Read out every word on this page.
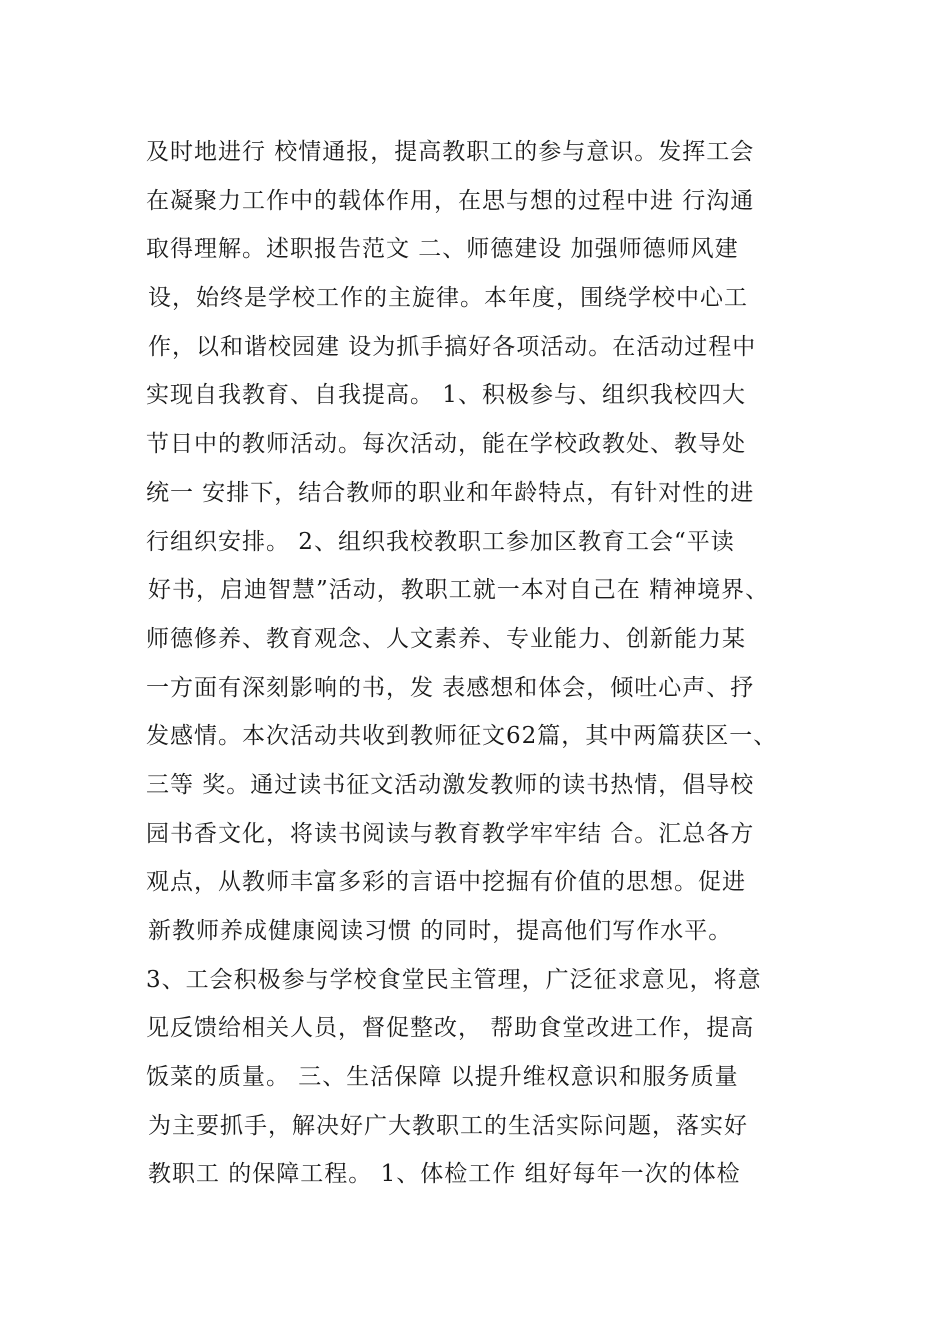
及时地进行 校情通报，提高教职工的参与意识。发挥工会
在凝聚力工作中的载体作用，在思与想的过程中进 行沟通
取得理解。述职报告范文 二、师德建设 加强师德师风建
设，始终是学校工作的主旋律。本年度，围绕学校中心工
作，以和谐校园建 设为抓手搞好各项活动。在活动过程中
实现自我教育、自我提高。 1、积极参与、组织我校四大
节日中的教师活动。每次活动，能在学校政教处、教导处
统一 安排下，结合教师的职业和年龄特点，有针对性的进
行组织安排。 2、组织我校教职工参加区教育工会“平读
好书，启迪智慧”活动，教职工就一本对自己在 精神境界、
师德修养、教育观念、人文素养、专业能力、创新能力某
一方面有深刻影响的书，发 表感想和体会，倾吐心声、抒
发感情。本次活动共收到教师征文62篇，其中两篇获区一、
三等 奖。通过读书征文活动激发教师的读书热情，倡导校
园书香文化，将读书阅读与教育教学牢牢结 合。汇总各方
观点，从教师丰富多彩的言语中挖掘有价值的思想。促进
新教师养成健康阅读习惯 的同时，提高他们写作水平。
3、工会积极参与学校食堂民主管理，广泛征求意见，将意
见反馈给相关人员，督促整改， 帮助食堂改进工作，提高
饭菜的质量。 三、生活保障 以提升维权意识和服务质量
为主要抓手，解决好广大教职工的生活实际问题，落实好
教职工 的保障工程。 1、体检工作 组好每年一次的体检
